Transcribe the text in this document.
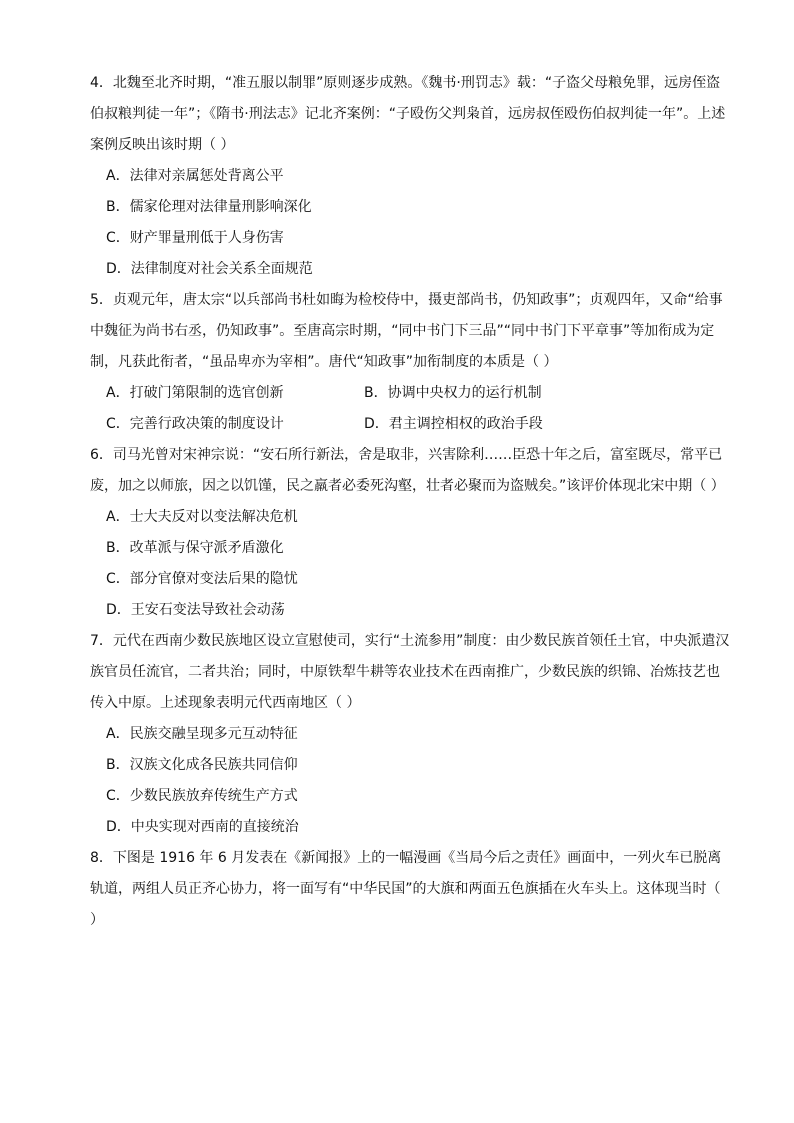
4．北魏至北齐时期，“准五服以制罪”原则逐步成熟。《魏书·刑罚志》载：“子盗父母粮免罪，远房侄盗伯叔粮判徒一年”；《隋书·刑法志》记北齐案例：“子殴伤父判枭首，远房叔侄殴伤伯叔判徒一年”。上述案例反映出该时期（ ）

A．法律对亲属惩处背离公平
B．儒家伦理对法律量刑影响深化
C．财产罪量刑低于人身伤害
D．法律制度对社会关系全面规范

5．贞观元年，唐太宗“以兵部尚书杜如晦为检校侍中，摄吏部尚书，仍知政事”；贞观四年，又命“给事中魏征为尚书右丞，仍知政事”。至唐高宗时期，“同中书门下三品”“同中书门下平章事”等加衔成为定制，凡获此衔者，“虽品卑亦为宰相”。唐代“知政事”加衔制度的本质是（ ）

A．打破门第限制的选官创新	B．协调中央权力的运行机制
C．完善行政决策的制度设计	D．君主调控相权的政治手段

6．司马光曾对宋神宗说：“安石所行新法，舍是取非，兴害除利……臣恐十年之后，富室既尽，常平已废，加之以师旅，因之以饥馑，民之羸者必委死沟壑，壮者必聚而为盗贼矣。”该评价体现北宋中期（ ）

A．士大夫反对以变法解决危机
B．改革派与保守派矛盾激化
C．部分官僚对变法后果的隐忧
D．王安石变法导致社会动荡

7．元代在西南少数民族地区设立宣慰使司，实行“土流参用”制度：由少数民族首领任土官，中央派遣汉族官员任流官，二者共治；同时，中原铁犁牛耕等农业技术在西南推广，少数民族的织锦、冶炼技艺也传入中原。上述现象表明元代西南地区（ ）

A．民族交融呈现多元互动特征
B．汉族文化成各民族共同信仰
C．少数民族放弃传统生产方式
D．中央实现对西南的直接统治

8．下图是 1916 年 6 月发表在《新闻报》上的一幅漫画《当局今后之责任》画面中，一列火车已脱离轨道，两组人员正齐心协力，将一面写有“中华民国”的大旗和两面五色旗插在火车头上。这体现当时（ ）
